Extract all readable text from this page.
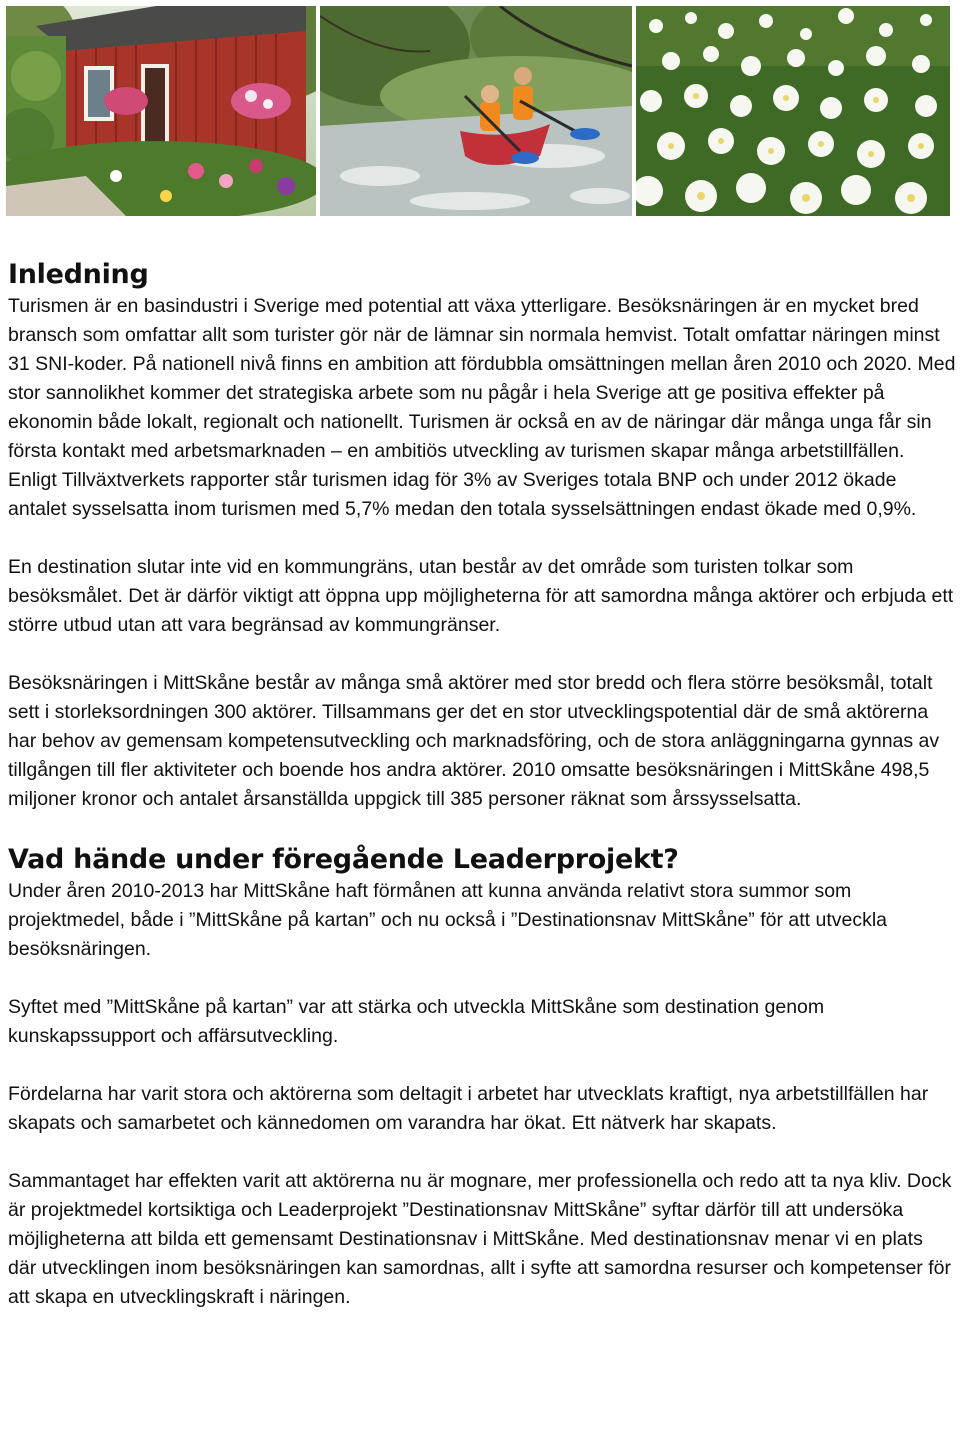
Inledning

Turismen är en basindustri i Sverige med potential att växa ytterligare. Besöksnäringen är en mycket bred bransch som omfattar allt som turister gör när de lämnar sin normala hemvist. Totalt omfattar näringen minst 31 SNI-koder. På nationell nivå finns en ambition att fördubbla omsättningen mellan åren 2010 och 2020. Med stor sannolikhet kommer det strategiska arbete som nu pågår i hela Sverige att ge positiva effekter på ekonomin både lokalt, regionalt och nationellt. Turismen är också en av de näringar där många unga får sin första kontakt med arbetsmarknaden – en ambitiös utveckling av turismen skapar många arbetstillfällen. Enligt Tillväxtverkets rapporter står turismen idag för 3% av Sveriges totala BNP och under 2012 ökade antalet sysselsatta inom turismen med 5,7% medan den totala sysselsättningen endast ökade med 0,9%.

En destination slutar inte vid en kommungräns, utan består av det område som turisten tolkar som besöksmålet. Det är därför viktigt att öppna upp möjligheterna för att samordna många aktörer och erbjuda ett större utbud utan att vara begränsad av kommungränser.

Besöksnäringen i MittSkåne består av många små aktörer med stor bredd och flera större besöksmål, totalt sett i storleksordningen 300 aktörer. Tillsammans ger det en stor utvecklingspotential där de små aktörerna har behov av gemensam kompetensutveckling och marknadsföring, och de stora anläggningarna gynnas av tillgången till fler aktiviteter och boende hos andra aktörer. 2010 omsatte besöksnäringen i MittSkåne 498,5 miljoner kronor och antalet årsanställda uppgick till 385 personer räknat som årssysselsatta.

Vad hände under föregående Leaderprojekt?

Under åren 2010-2013 har MittSkåne haft förmånen att kunna använda relativt stora summor som projektmedel, både i ”MittSkåne på kartan” och nu också i ”Destinationsnav MittSkåne” för att utveckla besöksnäringen.

Syftet med ”MittSkåne på kartan” var att stärka och utveckla MittSkåne som destination genom kunskapssupport och affärsutveckling.

Fördelarna har varit stora och aktörerna som deltagit i arbetet har utvecklats kraftigt, nya arbetstillfällen har skapats och samarbetet och kännedomen om varandra har ökat. Ett nätverk har skapats.

Sammantaget har effekten varit att aktörerna nu är mognare, mer professionella och redo att ta nya kliv. Dock är projektmedel kortsiktiga och Leaderprojekt ”Destinationsnav MittSkåne” syftar därför till att undersöka möjligheterna att bilda ett gemensamt Destinationsnav i MittSkåne. Med destinationsnav menar vi en plats där utvecklingen inom besöksnäringen kan samordnas, allt i syfte att samordna resurser och kompetenser för att skapa en utvecklingskraft i näringen.
